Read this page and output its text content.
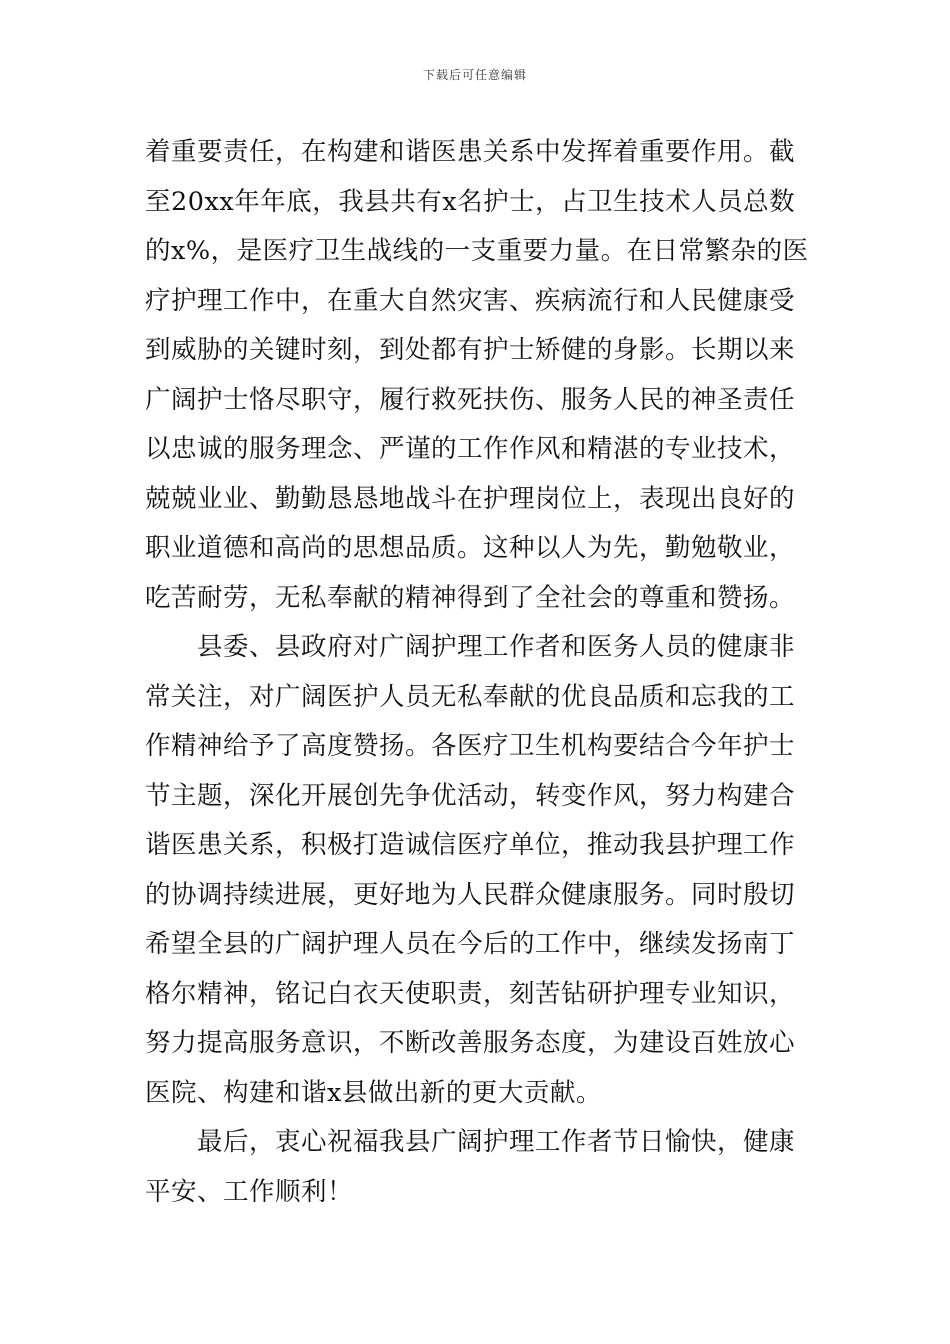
下载后可任意编辑
着重要责任，在构建和谐医患关系中发挥着重要作用。截
至20xx年年底，我县共有x名护士，占卫生技术人员总数
的x%，是医疗卫生战线的一支重要力量。在日常繁杂的医
疗护理工作中，在重大自然灾害、疾病流行和人民健康受
到威胁的关键时刻，到处都有护士矫健的身影。长期以来
广阔护士恪尽职守，履行救死扶伤、服务人民的神圣责任
以忠诚的服务理念、严谨的工作作风和精湛的专业技术，
兢兢业业、勤勤恳恳地战斗在护理岗位上，表现出良好的
职业道德和高尚的思想品质。这种以人为先，勤勉敬业，
吃苦耐劳，无私奉献的精神得到了全社会的尊重和赞扬。
县委、县政府对广阔护理工作者和医务人员的健康非
常关注，对广阔医护人员无私奉献的优良品质和忘我的工
作精神给予了高度赞扬。各医疗卫生机构要结合今年护士
节主题，深化开展创先争优活动，转变作风，努力构建合
谐医患关系，积极打造诚信医疗单位，推动我县护理工作
的协调持续进展，更好地为人民群众健康服务。同时殷切
希望全县的广阔护理人员在今后的工作中，继续发扬南丁
格尔精神，铭记白衣天使职责，刻苦钻研护理专业知识，
努力提高服务意识，不断改善服务态度，为建设百姓放心
医院、构建和谐x县做出新的更大贡献。
最后，衷心祝福我县广阔护理工作者节日愉快，健康
平安、工作顺利！
